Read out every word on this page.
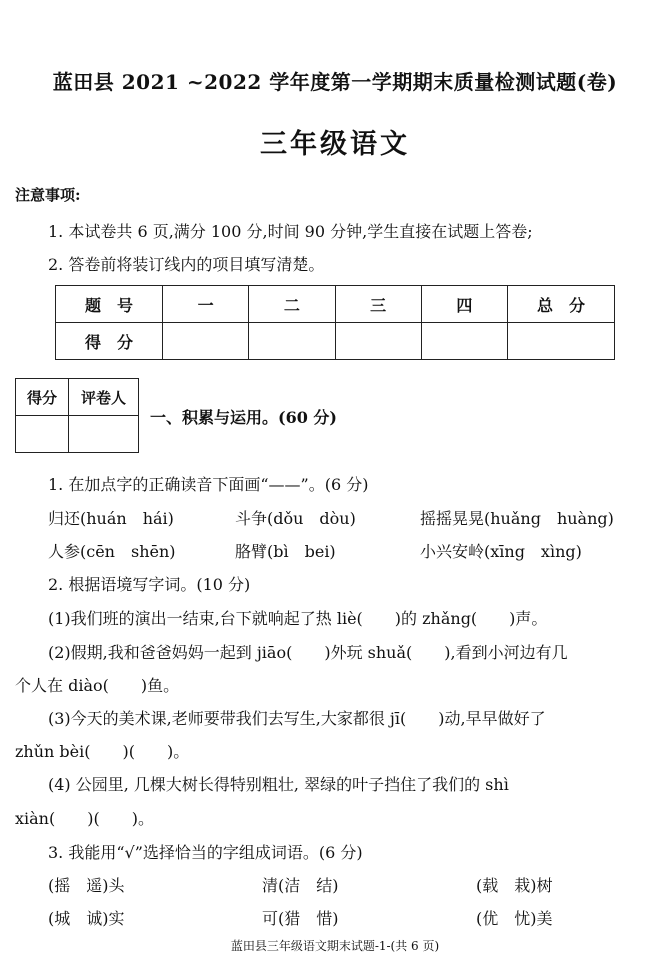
蓝田县 2021 ~2022 学年度第一学期期末质量检测试题(卷)
三年级语文
注意事项:
1. 本试卷共 6 页,满分 100 分,时间 90 分钟,学生直接在试题上答卷;
2. 答卷前将装订线内的项目填写清楚。
题　号	一	二	三	四	总　分
得　分					
得分	评卷人

一、积累与运用。(60 分)
1. 在加点字的正确读音下面画“——”。(6 分)
归还(huán　hái)	斗争(dǒu　dòu)	摇摇晃晃(huǎng　huàng)
人参(cēn　shēn)	胳臂(bì　bei)	小兴安岭(xīng　xìng)
2. 根据语境写字词。(10 分)
(1)我们班的演出一结束,台下就响起了热 liè(　　)的 zhǎng(　　)声。
(2)假期,我和爸爸妈妈一起到 jiāo(　　)外玩 shuǎ(　　),看到小河边有几
个人在 diào(　　)鱼。
(3)今天的美术课,老师要带我们去写生,大家都很 jī(　　)动,早早做好了
zhǔn bèi(　　)(　　)。
(4) 公园里, 几棵大树长得特别粗壮, 翠绿的叶子挡住了我们的 shì
xiàn(　　)(　　)。
3. 我能用“√”选择恰当的字组成词语。(6 分)
(摇　遥)头	清(洁　结)	(载　栽)树
(城　诚)实	可(猎　惜)	(优　忧)美
蓝田县三年级语文期末试题-1-(共 6 页)
